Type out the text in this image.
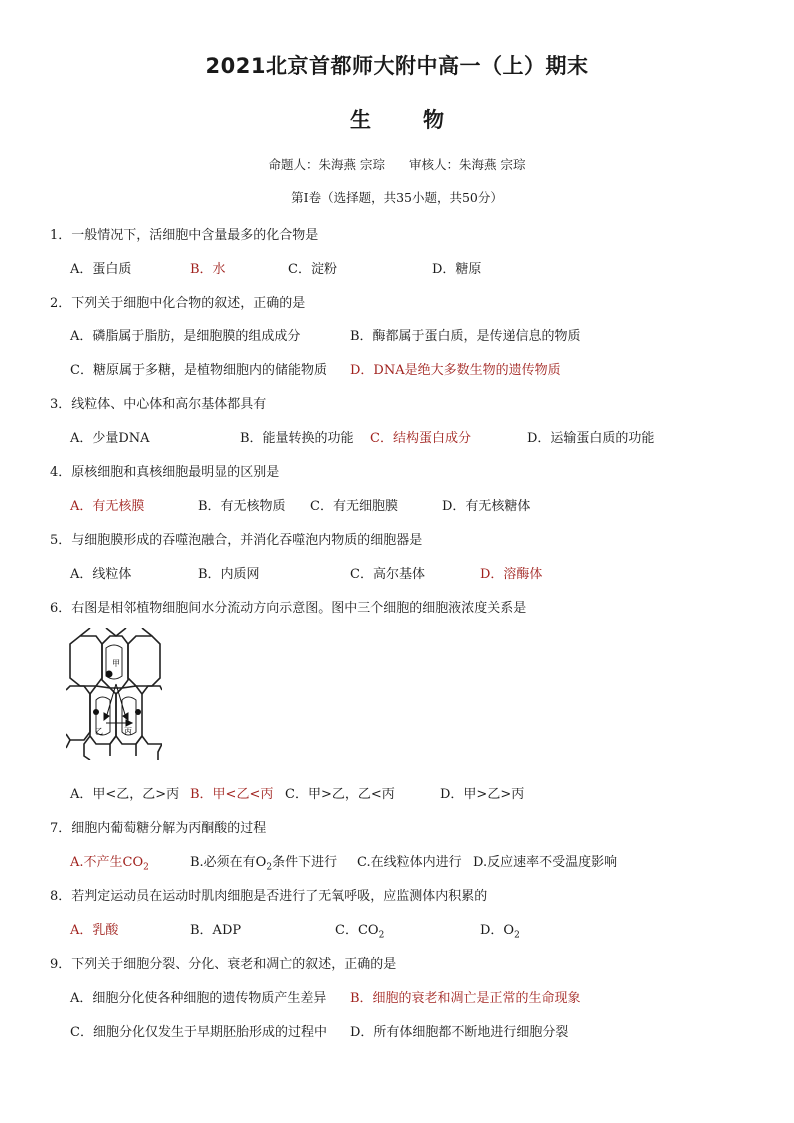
2021北京首都师大附中高一（上）期末
生 物
命题人：朱海燕 宗琮 审核人：朱海燕 宗琮
第I卷（选择题，共35小题，共50分）
1．一般情况下，活细胞中含量最多的化合物是
A．蛋白质	B．水	C．淀粉	D．糖原
2．下列关于细胞中化合物的叙述，正确的是
A．磷脂属于脂肪，是细胞膜的组成成分	B．酶都属于蛋白质，是传递信息的物质
C．糖原属于多糖，是植物细胞内的储能物质 D．DNA是绝大多数生物的遗传物质
3．线粒体、中心体和高尔基体都具有
A．少量DNA	B．能量转换的功能 C．结构蛋白成分	D．运输蛋白质的功能
4．原核细胞和真核细胞最明显的区别是
A．有无核膜	B．有无核物质 C．有无细胞膜	D．有无核糖体
5．与细胞膜形成的吞噬泡融合，并消化吞噬泡内物质的细胞器是
A．线粒体	B．内质网	C．高尔基体	D．溶酶体
6．右图是相邻植物细胞间水分流动方向示意图。图中三个细胞的细胞液浓度关系是
甲
乙	丙
A．甲<乙，乙>丙 B．甲<乙<丙 C．甲>乙，乙<丙	D．甲>乙>丙
7．细胞内葡萄糖分解为丙酮酸的过程
A.不产生$CO_2$	B.必须在有$O_2$条件下进行 C.在线粒体内进行 D.反应速率不受温度影响
8．若判定运动员在运动时肌肉细胞是否进行了无氧呼吸，应监测体内积累的
A．乳酸	B．ADP	C．$CO_2$	D．$O_2$
9．下列关于细胞分裂、分化、衰老和凋亡的叙述，正确的是
A．细胞分化使各种细胞的遗传物质产生差异 B．细胞的衰老和凋亡是正常的生命现象
C．细胞分化仅发生于早期胚胎形成的过程中 D．所有体细胞都不断地进行细胞分裂
